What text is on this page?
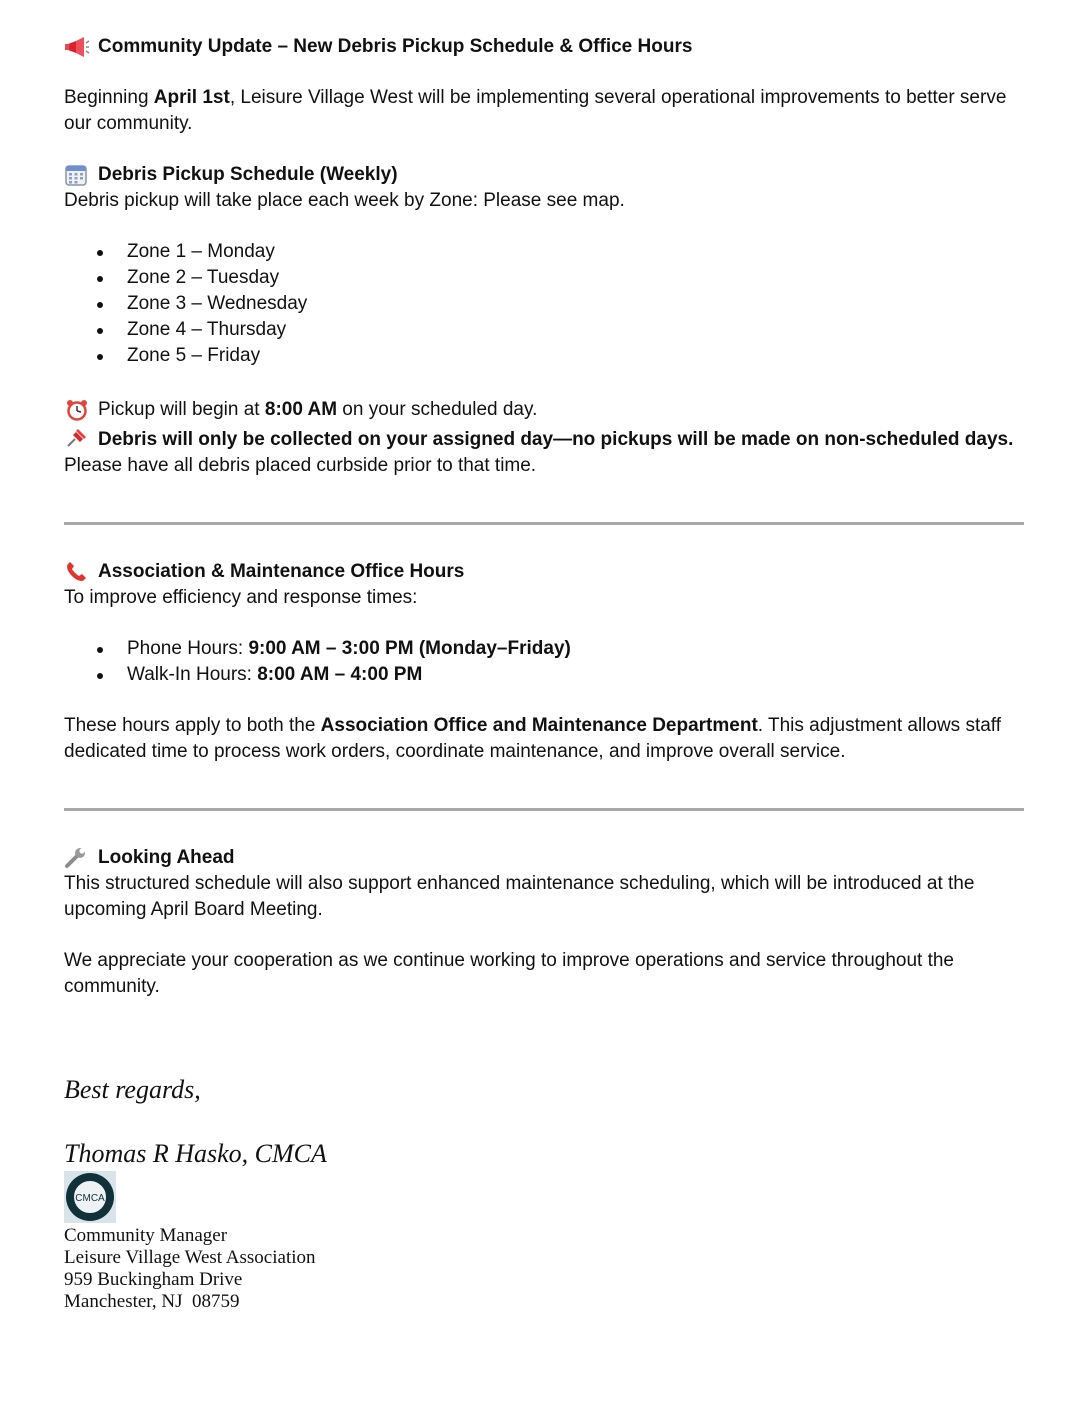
Community Update – New Debris Pickup Schedule & Office Hours

Beginning April 1st, Leisure Village West will be implementing several operational improvements to better serve our community.

Debris Pickup Schedule (Weekly)

Debris pickup will take place each week by Zone: Please see map.

Zone 1 – Monday
Zone 2 – Tuesday
Zone 3 – Wednesday
Zone 4 – Thursday
Zone 5 – Friday

Pickup will begin at 8:00 AM on your scheduled day.

Debris will only be collected on your assigned day—no pickups will be made on non-scheduled days.

Please have all debris placed curbside prior to that time.

Association & Maintenance Office Hours

To improve efficiency and response times:

Phone Hours: 9:00 AM – 3:00 PM (Monday–Friday)
Walk-In Hours: 8:00 AM – 4:00 PM

These hours apply to both the Association Office and Maintenance Department. This adjustment allows staff dedicated time to process work orders, coordinate maintenance, and improve overall service.

Looking Ahead

This structured schedule will also support enhanced maintenance scheduling, which will be introduced at the upcoming April Board Meeting.

We appreciate your cooperation as we continue working to improve operations and service throughout the community.

Best regards,

Thomas R Hasko, CMCA

CMCA

Community Manager

Leisure Village West Association

959 Buckingham Drive

Manchester, NJ  08759
